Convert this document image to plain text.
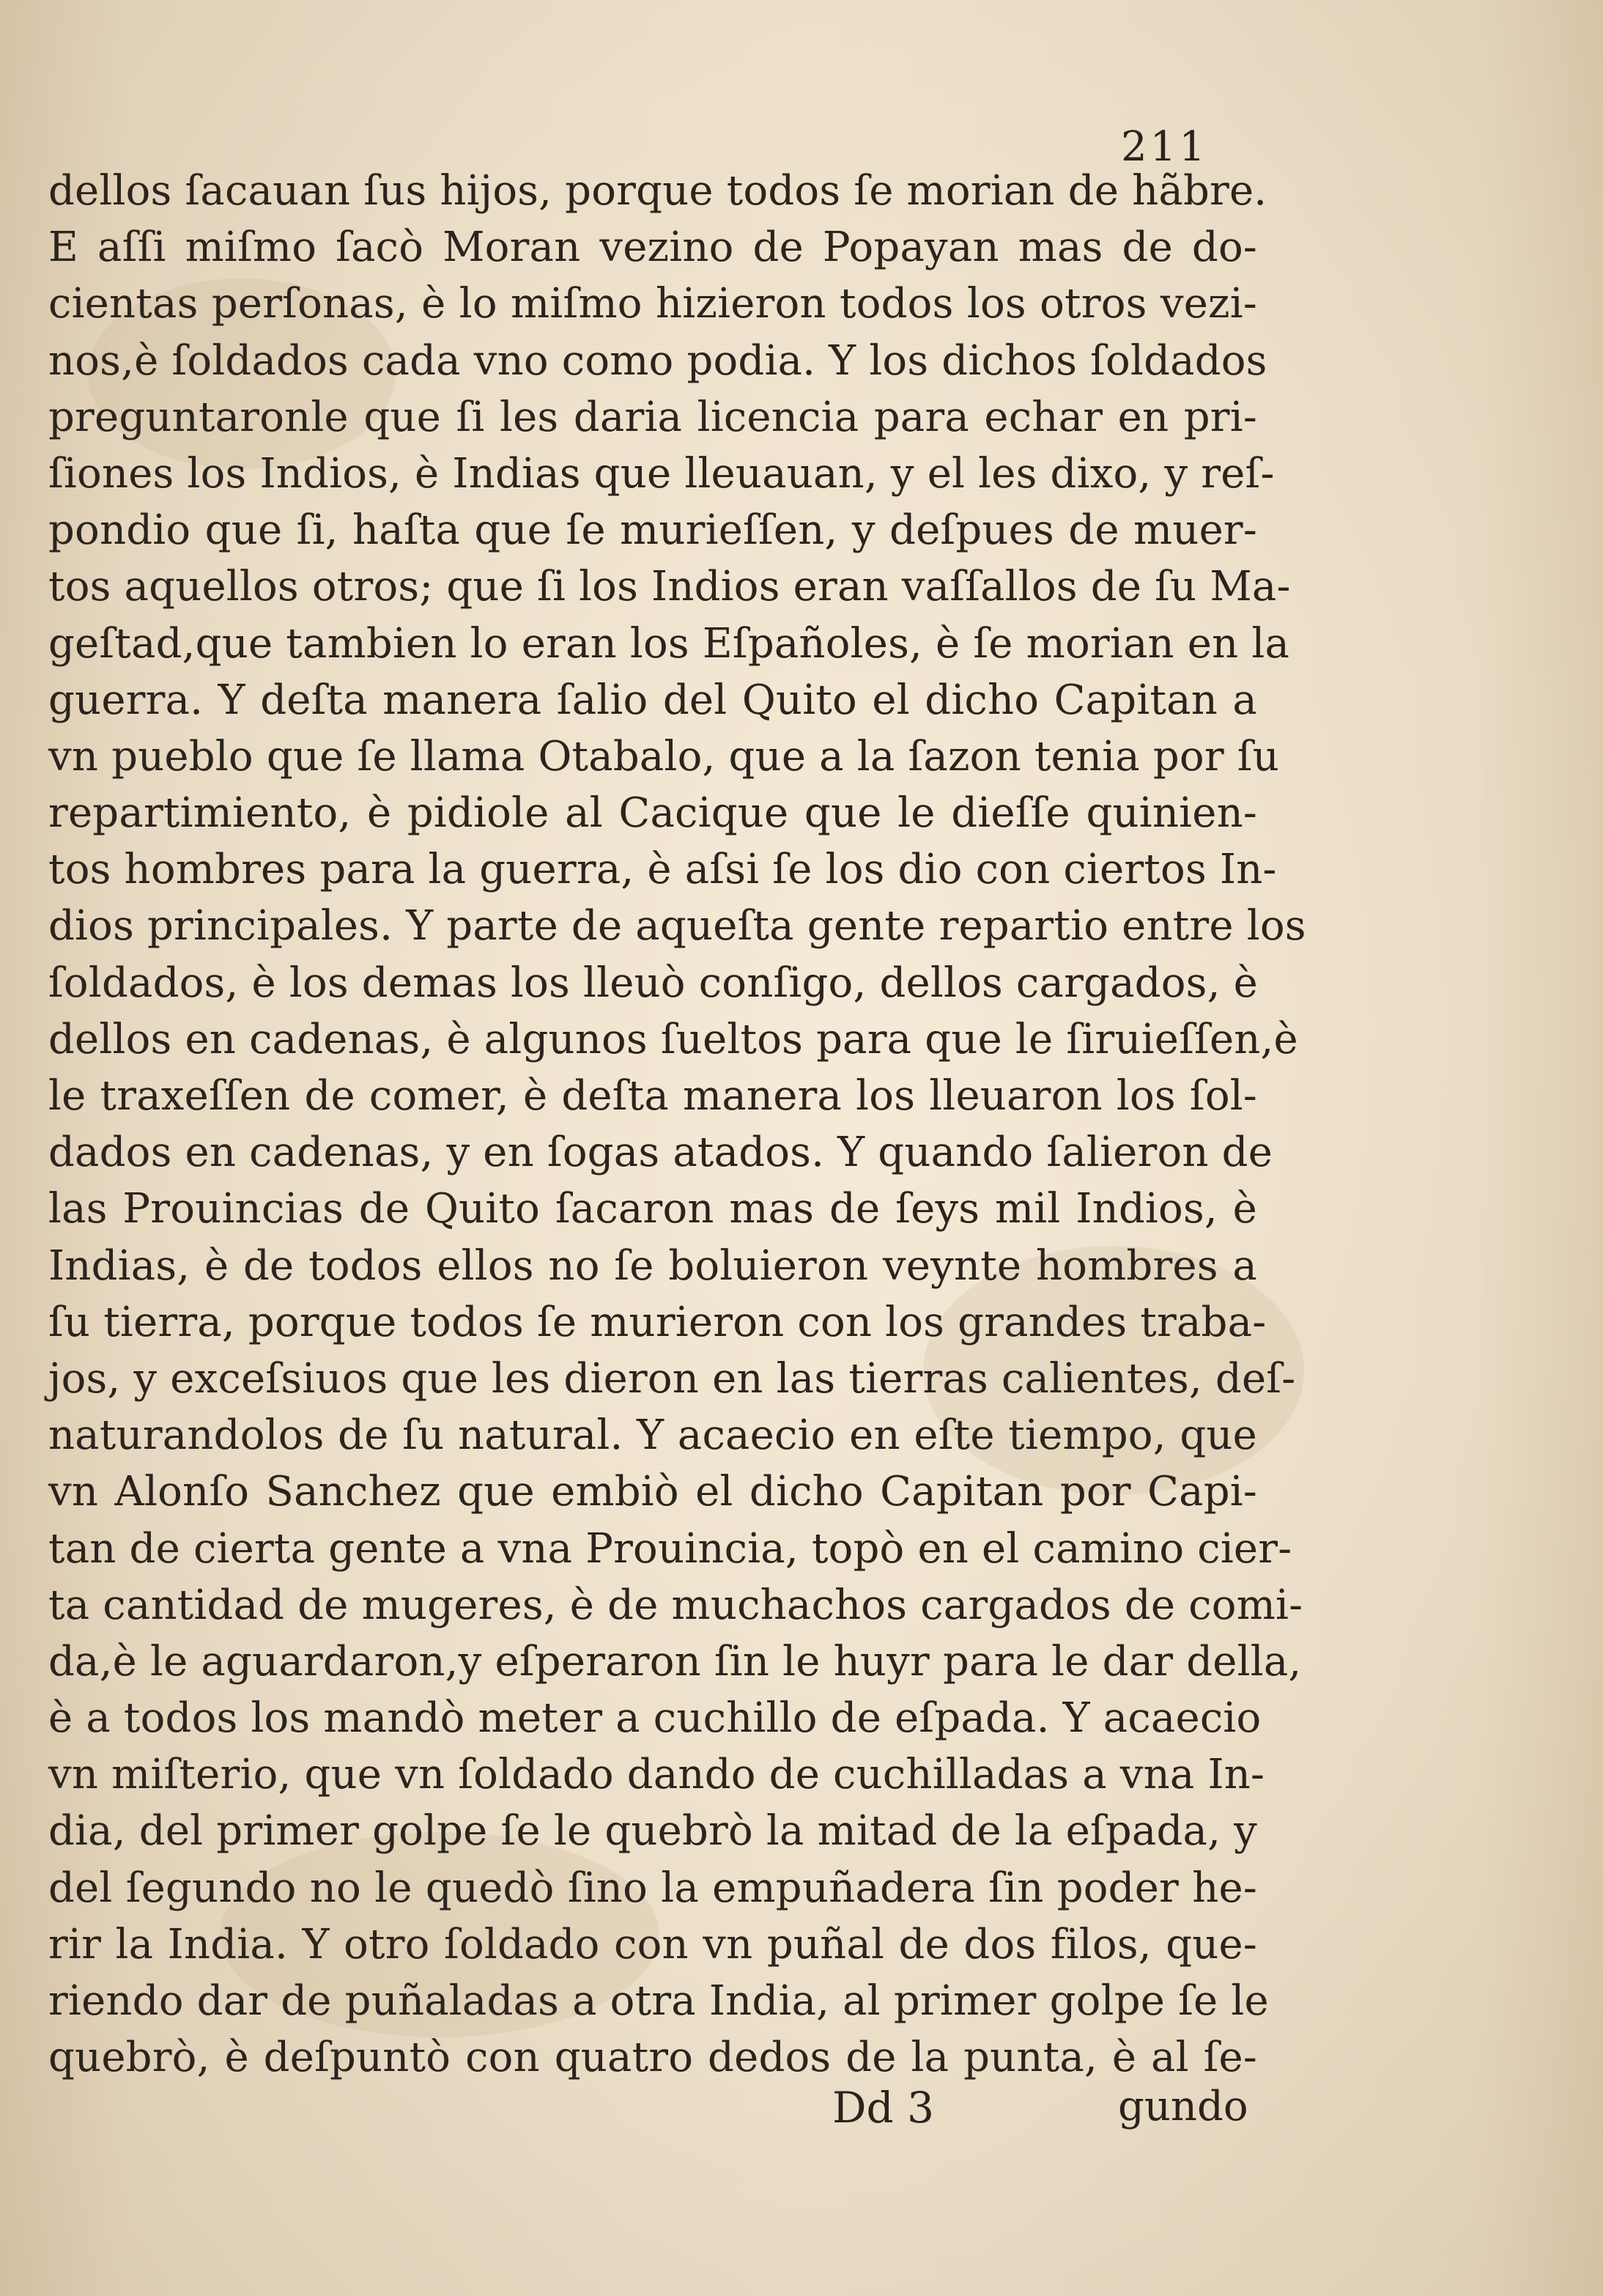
211
dellos ſacauan ſus hijos, porque todos ſe morian de hãbre.
E aſſi miſmo ſacò Moran vezino de Popayan mas de do-
cientas perſonas, è lo miſmo hizieron todos los otros vezi-
nos,è ſoldados cada vno como podia. Y los dichos ſoldados
preguntaronle que ſi les daria licencia para echar en pri-
ſiones los Indios, è Indias que lleuauan, y el les dixo, y reſ-
pondio que ſi, haſta que ſe murieſſen, y deſpues de muer-
tos aquellos otros; que ſi los Indios eran vaſſallos de ſu Ma-
geſtad,que tambien lo eran los Eſpañoles, è ſe morian en la
guerra. Y deſta manera ſalio del Quito el dicho Capitan a
vn pueblo que ſe llama Otabalo, que a la ſazon tenia por ſu
repartimiento, è pidiole al Cacique que le dieſſe quinien-
tos hombres para la guerra, è aſsi ſe los dio con ciertos In-
dios principales. Y parte de aqueſta gente repartio entre los
ſoldados, è los demas los lleuò conſigo, dellos cargados, è
dellos en cadenas, è algunos ſueltos para que le ſiruieſſen,è
le traxeſſen de comer, è deſta manera los lleuaron los ſol-
dados en cadenas, y en ſogas atados. Y quando ſalieron de
las Prouincias de Quito ſacaron mas de ſeys mil Indios, è
Indias, è de todos ellos no ſe boluieron veynte hombres a
ſu tierra, porque todos ſe murieron con los grandes traba-
jos, y exceſsiuos que les dieron en las tierras calientes, deſ-
naturandolos de ſu natural. Y acaecio en eſte tiempo, que
vn Alonſo Sanchez que embiò el dicho Capitan por Capi-
tan de cierta gente a vna Prouincia, topò en el camino cier-
ta cantidad de mugeres, è de muchachos cargados de comi-
da,è le aguardaron,y eſperaron ſin le huyr para le dar della,
è a todos los mandò meter a cuchillo de eſpada. Y acaecio
vn miſterio, que vn ſoldado dando de cuchilladas a vna In-
dia, del primer golpe ſe le quebrò la mitad de la eſpada, y
del ſegundo no le quedò ſino la empuñadera ſin poder he-
rir la India. Y otro ſoldado con vn puñal de dos filos, que-
riendo dar de puñaladas a otra India, al primer golpe ſe le
quebrò, è deſpuntò con quatro dedos de la punta, è al ſe-
Dd 3	gundo
